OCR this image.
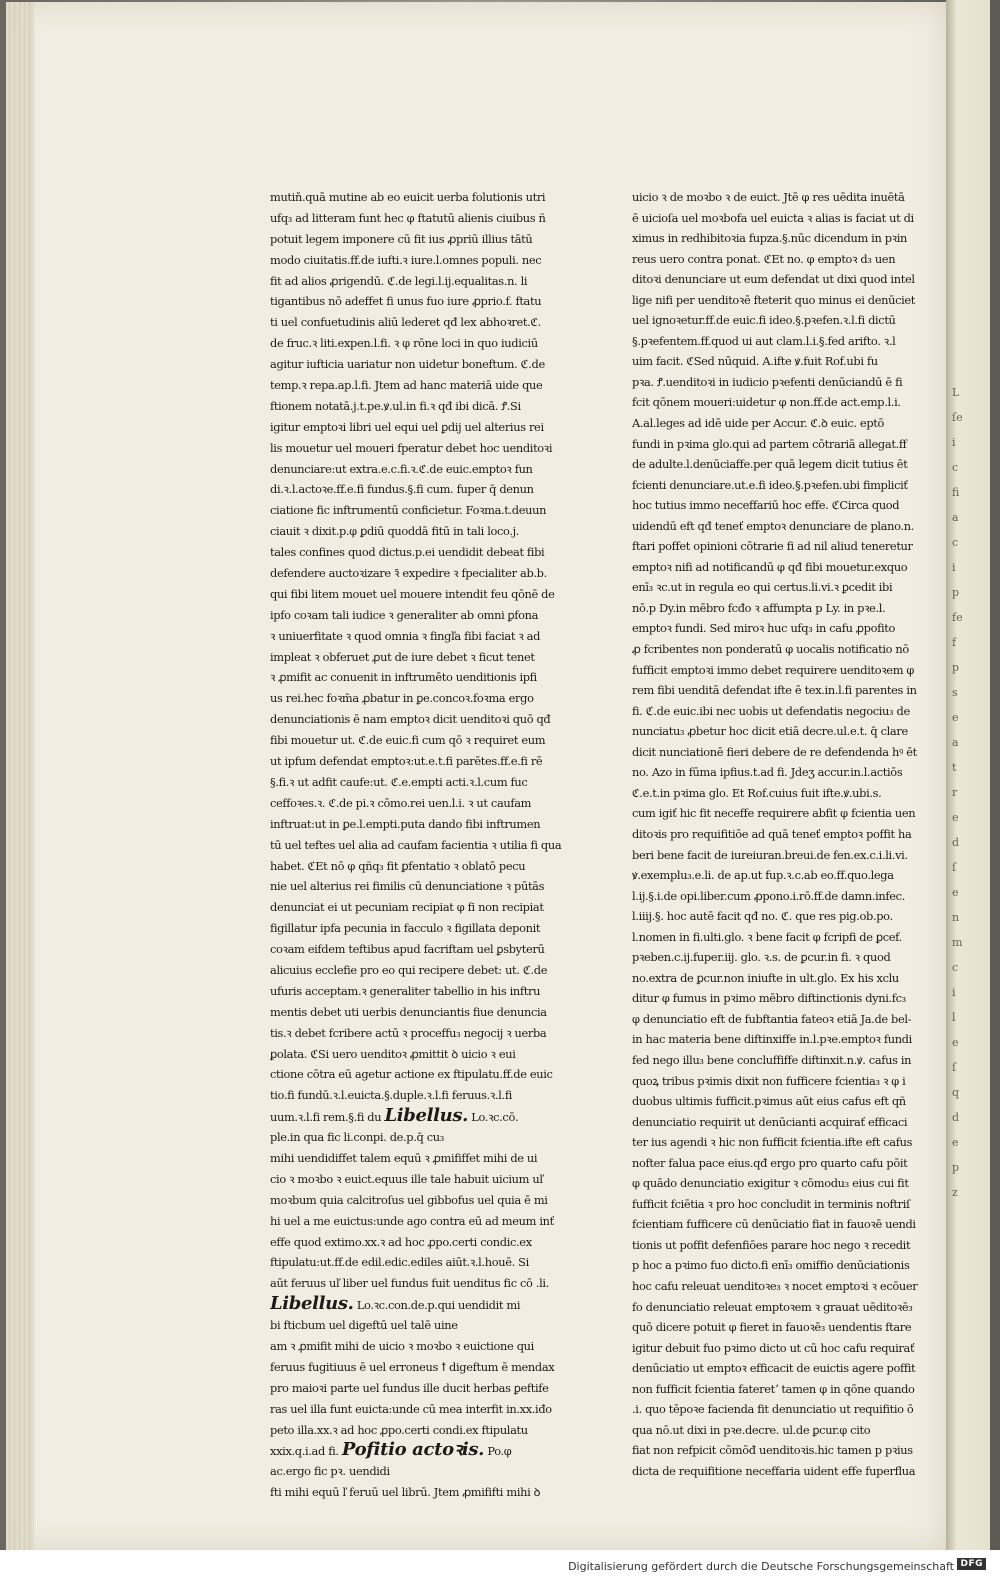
L
ſe
i
c
fi
a
c
i
p
fe
f
p
s
e
a
t
r
e
d
ſ
e
n
m
c
i
l
e
ſ
q
d
e
p
z
mutiň.quā mutine ab eo euicit uerba folutionis utri
ufq₃ ad litteram funt hec φ ftatutū alienis ciuibus ñ
potuit legem imponere cū fit ius ꝓpriū illius tātū
modo ciuitatis.ff.de iufti.ꝛ iure.l.omnes populi. nec
fit ad alios ꝓrigendū. ℭ.de legi.l.ij.equalitas.n. li
tigantibus nō adeffet fi unus fuo iure ꝓprio.f. ftatu
ti uel confuetudinis aliū lederet qđ lex abhoꝛret.ℭ.
de fruc.ꝛ liti.expen.l.fi. ꝛ φ rōne loci in quo iudiciū
agitur iufticia uariatur non uidetur boneftum. ℭ.de
temp.ꝛ repa.ap.l.fi. Jtem ad hanc materiā uide que
ftionem notatā.j.t.pe.ꝟ.ul.in fi.ꝛ qđ ibi dicā. Ꝭ.Si
igitur emptoꝛi libri uel equi uel ꝑdij uel alterius rei
lis mouetur uel moueri fperatur debet hoc uenditoꝛi
denunciare:ut extra.e.c.fi.ꝛ.ℭ.de euic.emptoꝛ fun
di.ꝛ.l.actoꝛe.ff.e.fi fundus.§.fi cum. fuper q̄ denun
ciatione fic inftrumentū conficietur. Foꝛma.t.deuun
ciauit ꝛ dixit.p.φ ꝑdiū quoddā fitū in tali loco.j.
tales confines quod dictus.p.ei uendidit debeat fibi
defendere auctoꝛizare ꝛ̄ expedire ꝛ fpecialiter ab.b.
qui fibi litem mouet uel mouere intendit feu qōnē de
ipfo coꝛam tali iudice ꝛ generaliter ab omni ꝑfona
ꝛ uniuerfitate ꝛ quod omnia ꝛ fingľa fibi faciat ꝛ ad
impleat ꝛ obferuet ꝓut de iure debet ꝛ ficut tenet
ꝛ ꝓmifit ac conuenit in inftrumēto uenditionis ipfi
us rei.hec foꝛm̄a ꝓbatur in ꝑe.concoꝛ.foꝛma ergo
denunciationis ē nam emptoꝛ dicit uenditoꝛi quō qđ
fibi mouetur ut. ℭ.de euic.fi cum qō ꝛ requiret eum
ut ipfum defendat emptoꝛ:ut.e.t.fi parētes.ff.e.fi rē
§.fi.ꝛ ut adfit caufe:ut. ℭ.e.empti acti.ꝛ.l.cum fuc
ceffoꝛes.ꝛ. ℭ.de pi.ꝛ cōmo.rei uen.l.i. ꝛ ut caufam
inftruat:ut in ꝑe.l.empti.puta dando fibi inftrumen
tū uel teftes uel alia ad caufam facientia ꝛ utilia fi qua
habet. ℭEt nō φ qñq₃ fit ꝑfentatio ꝛ oblatō pecu
nie uel alterius rei fimilis cū denunciatione ꝛ pūtās
denunciat ei ut pecuniam recipiat φ fi non recipiat
figillatur ipfa pecunia in facculo ꝛ figillata deponit
coꝛam eifdem teftibus apud facriftam uel ꝑsbyterū
alicuius ecclefie pro eo qui recipere debet: ut. ℭ.de
ufuris acceptam.ꝛ generaliter tabellio in his inftru
mentis debet uti uerbis denunciantis fiue denuncia
tis.ꝛ debet fcribere actū ꝛ proceffu₃ negocij ꝛ uerba
ꝑolata. ℭSi uero uenditoꝛ ꝓmittit ꝺ uicio ꝛ eui
ctione cōtra eū agetur actione ex ftipulatu.ff.de euic
tio.fi fundū.ꝛ.l.euicta.§.duple.ꝛ.l.fi feruus.ꝛ.l.fi
uum.ꝛ.l.fi rem.§.fi du Libellus. Lo.ꝛc.cō.
ple.in qua fic li.conpi. de.p.q̄ cu₃
mihi uendidiffet talem equū ꝛ ꝓmififfet mihi de ui
cio ꝛ moꝛbo ꝛ euict.equus ille tale habuit uicium uľ
moꝛbum quia calcitroſus uel gibbofus uel quia ē mi
hi uel a me euictus:unde ago contra eū ad meum inť
effe quod extimo.xx.ꝛ ad hoc ꝓpo.certi condic.ex
ftipulatu:ut.ff.de edil.edic.ediles aiūt.ꝛ.l.houē. Si
aūt feruus uľ liber uel fundus fuit uenditus fic cō .li.
Libellus. Lo.ꝛc.con.de.p.qui uendidit mi
bi fticbum uel digeftū uel talē uine
am ꝛ ꝓmifit mihi de uicio ꝛ moꝛbo ꝛ euictione qui
feruus fugitiuus ē uel erroneus ꝉ digeftum ē mendax
pro maioꝛi parte uel fundus ille ducit herbas ꝑeftife
ras uel illa funt euicta:unde cū mea interfit in.xx.iđo
peto illa.xx.ꝛ ad hoc ꝓpo.certi condi.ex ftipulatu
xxix.q.i.ad fi. Pofitio actoꝛis. Po.φ
ac.ergo fic pꝛ. uendidi
fti mihi equū ľ feruū uel librū. Jtem ꝓmififti mihi ꝺ
uicio ꝛ de moꝛbo ꝛ de euict. Jtē φ res uēdita inuētā
ē uicioſa uel moꝛbofa uel euicta ꝛ alias is faciat ut di
ximus in redhibitoꝛia fupza.§.nūc dicendum in pꝛin
reus uero contra ponat. ℭEt no. φ emptoꝛ d₃ uen
ditoꝛi denunciare ut eum defendat ut dixi quod intel
lige nifi per uenditoꝛē fteterit quo minus ei denūciet
uel ignoꝛetur.ff.de euic.fi ideo.§.pꝛefen.ꝛ.l.fi dictū
§.pꝛefentem.ff.quod ui aut clam.l.i.§.fed arifto. ꝛ.l
uim facit. ℭSed nūquid. A.ifte ꝟ.fuit Rof.ubi fu
pꝛa. Ꝭ.uenditoꝛi in iudicio pꝛefenti denūciandū ē fi
fcit qōnem moueri:uidetur φ non.ff.de act.emp.l.i.
A.al.leges ad idē uide per Accur. ℭ.ꝺ euic. eptō
fundi in pꝛima glo.qui ad partem cōtrariā allegat.ff
de adulte.l.denūciaffe.per quā legem dicit tutius ēt
fcienti denunciare.ut.e.fi ideo.§.pꝛefen.ubi fimpliciť
hoc tutius immo neceffariū hoc effe. ℭCirca quod
uidendū eft qđ teneť emptoꝛ denunciare de plano.n.
ftari poffet opinioni cōtrarie fi ad nil aliud teneretur
emptoꝛ nifi ad notificandū φ qđ fibi mouetur.exquo
enī₃ ꝛc.ut in regula eo qui certus.li.vi.ꝛ ꝑcedit ibi
nō.p Dy.in mēbro fcđo ꝛ affumpta p Ly. in pꝛe.l.
emptoꝛ fundi. Sed miroꝛ huc ufq₃ in cafu ꝓpofito
ꝓ fcribentes non ponderatū φ uocalis notificatio nō
fufficit emptoꝛi immo debet requirere uenditoꝛem φ
rem fibi uenditā defendat ifte ē tex.in.l.fi parentes in
fi. ℭ.de euic.ibi nec uobis ut defendatis negociu₃ de
nunciatu₃ ꝓbetur hoc dicit etiā decre.ul.e.t. q̄ clare
dicit nunciationē fieri debere de re defendenda hꝰ ēt
no. Azo in fūma ipfius.t.ad fi. Jdeʒ accur.in.l.actiōs
ℭ.e.t.in pꝛima glo. Et Rof.cuius fuit ifte.ꝟ.ubi.s.
cum igiť hic fit neceffe requirere abfit φ fcientia uen
ditoꝛis pro requifitiōe ad quā teneť emptoꝛ poffit ha
beri bene facit de iureiuran.breui.de fen.ex.c.i.li.vi.
ꝟ.exemplu₃.e.li. de ap.ut fup.ꝛ.c.ab eo.ff.quo.lega
l.ij.§.i.de opi.liber.cum ꝓpono.i.rō.ff.de damn.infec.
l.iiij.§. hoc autē facit qđ no. ℭ. que res pig.ob.po.
l.nomen in fi.ulti.glo. ꝛ bene facit φ fcripfi de ꝑcef.
pꝛeben.c.ij.fuper.iij. glo. ꝛ.s. de ꝑcur.in fi. ꝛ quod
no.extra de ꝑcur.non iniufte in ult.glo. Ex his xclu
ditur φ fumus in pꝛimo mēbro diftinctionis dyni.fc₃
φ denunciatio eft de fubftantia fateoꝛ etiā Ja.de bel-
in hac materia bene diftinxiffe in.l.pꝛe.emptoꝛ fundi
fed nego illu₃ bene concluffiffe diftinxit.n.ꝟ. cafus in
quoꝝ tribus pꝛimis dixit non fufficere fcientia₃ ꝛ φ i
duobus ultimis fufficit.pꝛimus aūt eius cafus eft qñ
denunciatio requirit ut denūcianti acquirať efficaci
ter ius agendi ꝛ hic non fufficit fcientia.ifte eft cafus
nofter falua pace eius.qđ ergo pro quarto cafu pōit
φ quādo denunciatio exigitur ꝛ cōmodu₃ eius cui fit
fufficit fciētia ꝛ pro hoc concludit in terminis noftriſ
fcientiam fufficere cū denūciatio fiat in fauoꝛē uendi
tionis ut poffit defenfiōes parare hoc nego ꝛ recedit
p hoc a pꝛimo fuo dicto.fi enī₃ omiffio denūciationis
hoc cafu releuat uenditoꝛe₃ ꝛ nocet emptoꝛi ꝛ ecōuer
fo denunciatio releuat emptoꝛem ꝛ grauat uēditoꝛē₃
quō dicere potuit φ fieret in fauoꝛē₃ uendentis ftare
igitur debuit fuo pꝛimo dicto ut cū hoc cafu requirať
denūciatio ut emptoꝛ efficacit de euictis agere poffit
non fufficit fcientia fateretʼ tamen φ in qōne quando
.i. quo tēpoꝛe facienda fit denunciatio ut requifitio ō
qua nō.ut dixi in pꝛe.decre. ul.de ꝑcur.φ cito
fiat non refpicit cōmōđ uenditoꝛis.hic tamen p pꝛius
dicta de requifitione neceffaria uident effe fuperflua
Digitalisierung gefördert durch die Deutsche Forschungsgemeinschaft DFG
